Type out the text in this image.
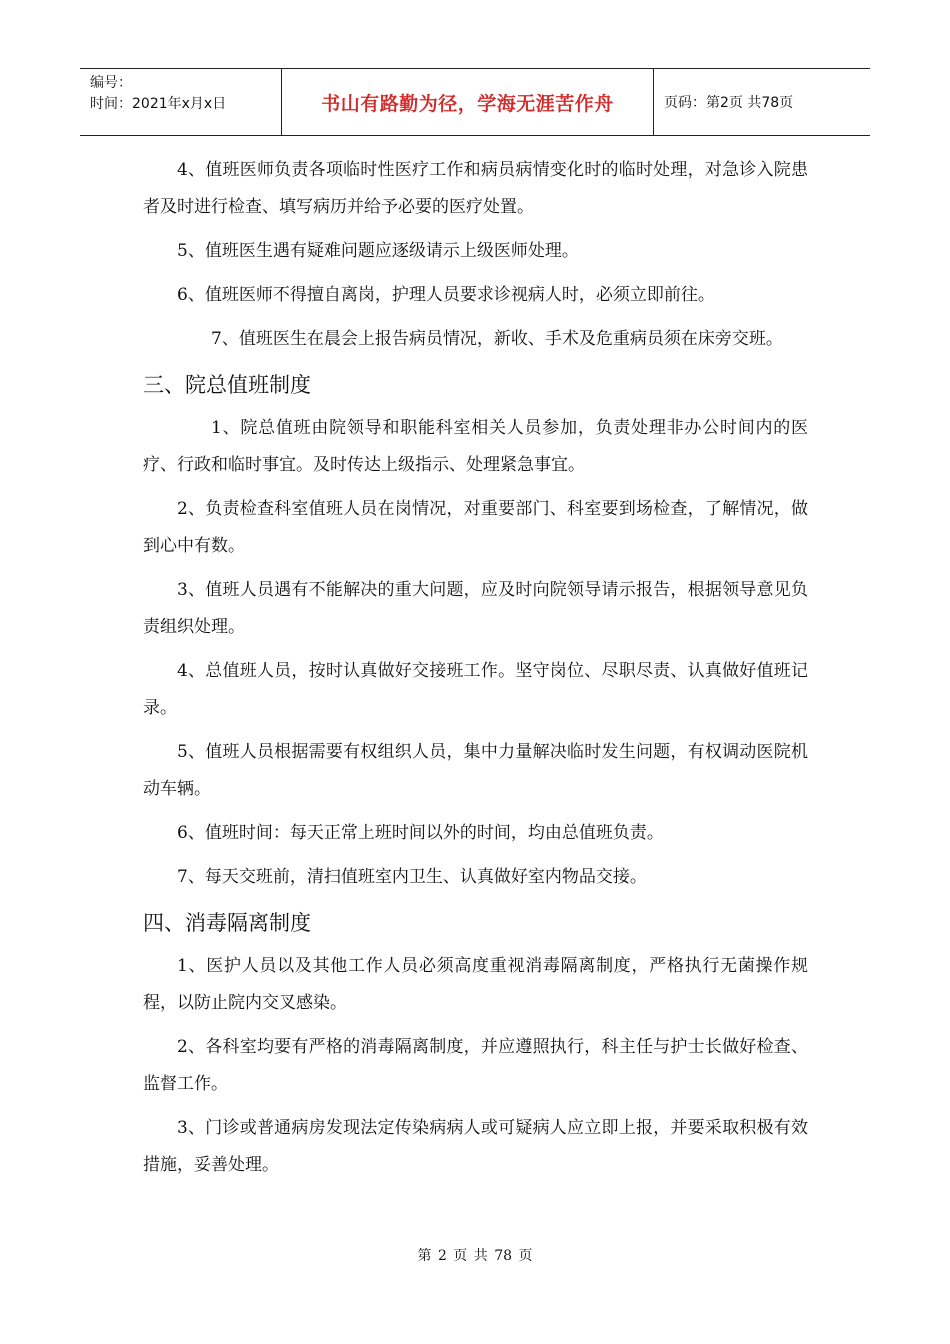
编号：
时间：2021年x月x日	书山有路勤为径，学海无涯苦作舟	页码：第2页 共78页

4、值班医师负责各项临时性医疗工作和病员病情变化时的临时处理，对急诊入院患者及时进行检查、填写病历并给予必要的医疗处置。

5、值班医生遇有疑难问题应逐级请示上级医师处理。

6、值班医师不得擅自离岗，护理人员要求诊视病人时，必须立即前往。

7、值班医生在晨会上报告病员情况，新收、手术及危重病员须在床旁交班。

三、院总值班制度

1、院总值班由院领导和职能科室相关人员参加，负责处理非办公时间内的医疗、行政和临时事宜。及时传达上级指示、处理紧急事宜。

2、负责检查科室值班人员在岗情况，对重要部门、科室要到场检查，了解情况，做到心中有数。

3、值班人员遇有不能解决的重大问题，应及时向院领导请示报告，根据领导意见负责组织处理。

4、总值班人员，按时认真做好交接班工作。坚守岗位、尽职尽责、认真做好值班记录。

5、值班人员根据需要有权组织人员，集中力量解决临时发生问题，有权调动医院机动车辆。

6、值班时间：每天正常上班时间以外的时间，均由总值班负责。

7、每天交班前，清扫值班室内卫生、认真做好室内物品交接。

四、消毒隔离制度

1、医护人员以及其他工作人员必须高度重视消毒隔离制度，严格执行无菌操作规程，以防止院内交叉感染。

2、各科室均要有严格的消毒隔离制度，并应遵照执行，科主任与护士长做好检查、监督工作。

3、门诊或普通病房发现法定传染病病人或可疑病人应立即上报，并要采取积极有效措施，妥善处理。

第 2 页 共 78 页
